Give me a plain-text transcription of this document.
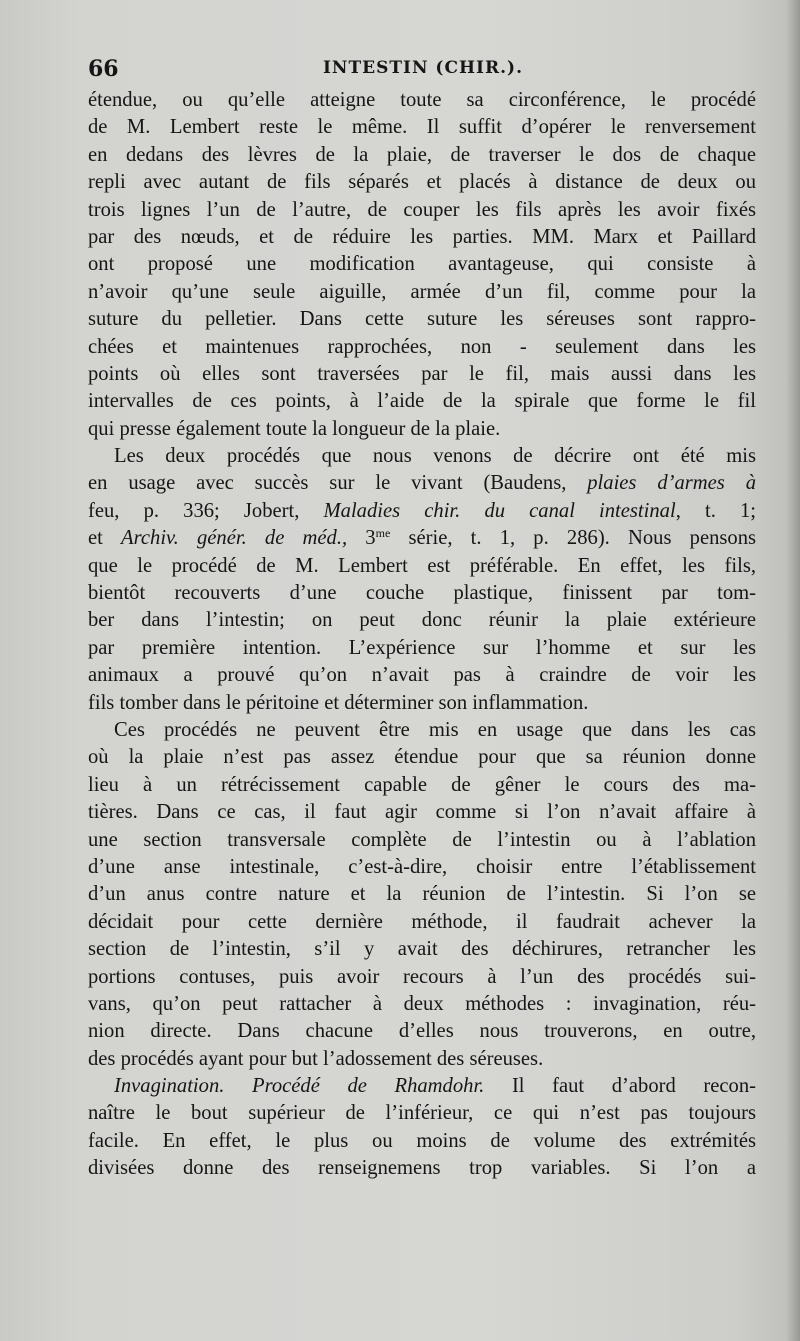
66	INTESTIN (CHIR.).
étendue, ou qu’elle atteigne toute sa circonférence, le procédé
de M. Lembert reste le même. Il suffit d’opérer le renversement
en dedans des lèvres de la plaie, de traverser le dos de chaque
repli avec autant de fils séparés et placés à distance de deux ou
trois lignes l’un de l’autre, de couper les fils après les avoir fixés
par des nœuds, et de réduire les parties. MM. Marx et Paillard
ont proposé une modification avantageuse, qui consiste à
n’avoir qu’une seule aiguille, armée d’un fil, comme pour la
suture du pelletier. Dans cette suture les séreuses sont rappro-
chées et maintenues rapprochées, non - seulement dans les
points où elles sont traversées par le fil, mais aussi dans les
intervalles de ces points, à l’aide de la spirale que forme le fil
qui presse également toute la longueur de la plaie.
Les deux procédés que nous venons de décrire ont été mis
en usage avec succès sur le vivant (Baudens, plaies d’armes à
feu, p. 336; Jobert, Maladies chir. du canal intestinal, t. 1;
et Archiv. génér. de méd., $3^{me}$ série, t. 1, p. 286). Nous pensons
que le procédé de M. Lembert est préférable. En effet, les fils,
bientôt recouverts d’une couche plastique, finissent par tom-
ber dans l’intestin; on peut donc réunir la plaie extérieure
par première intention. L’expérience sur l’homme et sur les
animaux a prouvé qu’on n’avait pas à craindre de voir les
fils tomber dans le péritoine et déterminer son inflammation.
Ces procédés ne peuvent être mis en usage que dans les cas
où la plaie n’est pas assez étendue pour que sa réunion donne
lieu à un rétrécissement capable de gêner le cours des ma-
tières. Dans ce cas, il faut agir comme si l’on n’avait affaire à
une section transversale complète de l’intestin ou à l’ablation
d’une anse intestinale, c’est-à-dire, choisir entre l’établissement
d’un anus contre nature et la réunion de l’intestin. Si l’on se
décidait pour cette dernière méthode, il faudrait achever la
section de l’intestin, s’il y avait des déchirures, retrancher les
portions contuses, puis avoir recours à l’un des procédés sui-
vans, qu’on peut rattacher à deux méthodes : invagination, réu-
nion directe. Dans chacune d’elles nous trouverons, en outre,
des procédés ayant pour but l’adossement des séreuses.
Invagination. Procédé de Rhamdohr. Il faut d’abord recon-
naître le bout supérieur de l’inférieur, ce qui n’est pas toujours
facile. En effet, le plus ou moins de volume des extrémités
divisées donne des renseignemens trop variables. Si l’on a
